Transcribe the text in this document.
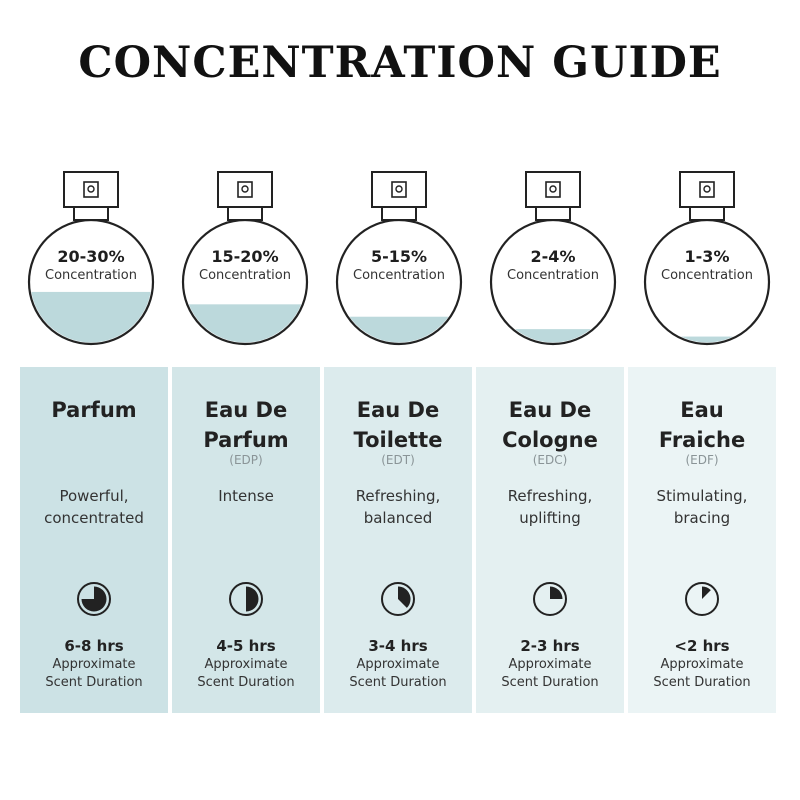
CONCENTRATION GUIDE
20-30%
Concentration
15-20%
Concentration
5-15%
Concentration
2-4%
Concentration
1-3%
Concentration
Parfum
Powerful,
concentrated
6-8 hrs
Approximate
Scent Duration
Eau De
Parfum
(EDP)
Intense
4-5 hrs
Approximate
Scent Duration
Eau De
Toilette
(EDT)
Refreshing,
balanced
3-4 hrs
Approximate
Scent Duration
Eau De
Cologne
(EDC)
Refreshing,
uplifting
2-3 hrs
Approximate
Scent Duration
Eau
Fraiche
(EDF)
Stimulating,
bracing
<2 hrs
Approximate
Scent Duration
